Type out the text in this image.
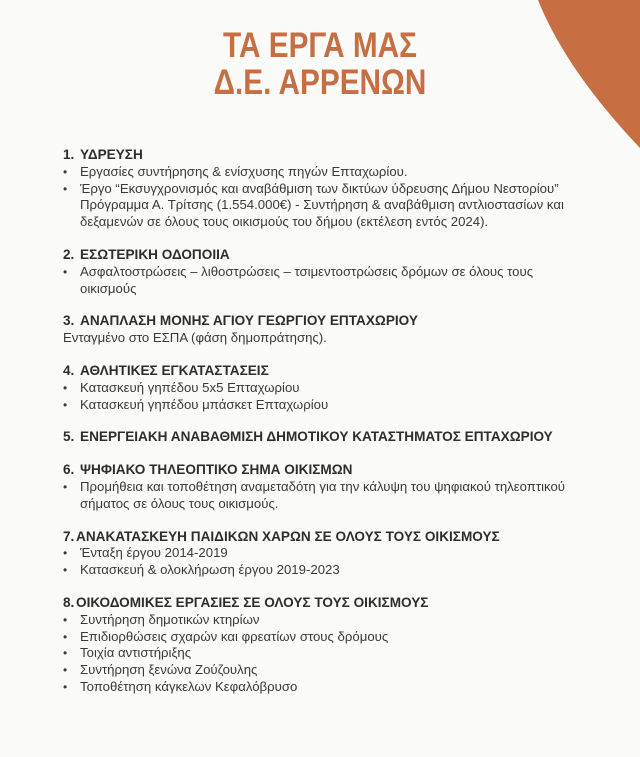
ΤΑ ΕΡΓΑ ΜΑΣ
Δ.Ε. ΑΡΡΕΝΩΝ
1. ΥΔΡΕΥΣΗ
• Εργασίες συντήρησης & ενίσχυσης πηγών Επταχωρίου.
• Έργο “Εκσυγχρονισμός και αναβάθμιση των δικτύων ύδρευσης Δήμου Νεστορίου” Πρόγραμμα Α. Τρίτσης (1.554.000€) - Συντήρηση & αναβάθμιση αντλιοστασίων και δεξαμενών σε όλους τους οικισμούς του δήμου (εκτέλεση εντός 2024).
2. ΕΣΩΤΕΡΙΚΗ ΟΔΟΠΟΙΙΑ
• Ασφαλτοστρώσεις – λιθοστρώσεις – τσιμεντοστρώσεις δρόμων σε όλους τους οικισμούς
3. ΑΝΑΠΛΑΣΗ ΜΟΝΗΣ ΑΓΙΟΥ ΓΕΩΡΓΙΟΥ ΕΠΤΑΧΩΡΙΟΥ

Ενταγμένο στο ΕΣΠΑ (φάση δημοπράτησης).

4. ΑΘΛΗΤΙΚΕΣ ΕΓΚΑΤΑΣΤΑΣΕΙΣ
• Κατασκευή γηπέδου 5x5 Επταχωρίου
• Κατασκευή γηπέδου μπάσκετ Επταχωρίου
5. ΕΝΕΡΓΕΙΑΚΗ ΑΝΑΒΑΘΜΙΣΗ ΔΗΜΟΤΙΚΟΥ ΚΑΤΑΣΤΗΜΑΤΟΣ ΕΠΤΑΧΩΡΙΟΥ
6. ΨΗΦΙΑΚΟ ΤΗΛΕΟΠΤΙΚΟ ΣΗΜΑ ΟΙΚΙΣΜΩΝ
• Προμήθεια και τοποθέτηση αναμεταδότη για την κάλυψη του ψηφιακού τηλεοπτικού σήματος σε όλους τους οικισμούς.
7. ΑΝΑΚΑΤΑΣΚΕΥΗ ΠΑΙΔΙΚΩΝ ΧΑΡΩΝ ΣΕ ΟΛΟΥΣ ΤΟΥΣ ΟΙΚΙΣΜΟΥΣ
• Ένταξη έργου 2014-2019
• Κατασκευή & ολοκλήρωση έργου 2019-2023
8. ΟΙΚΟΔΟΜΙΚΕΣ ΕΡΓΑΣΙΕΣ ΣΕ ΟΛΟΥΣ ΤΟΥΣ ΟΙΚΙΣΜΟΥΣ
• Συντήρηση δημοτικών κτηρίων
• Επιδιορθώσεις σχαρών και φρεατίων στους δρόμους
• Τοιχία αντιστήριξης
• Συντήρηση ξενώνα Ζούζουλης
• Τοποθέτηση κάγκελων Κεφαλόβρυσο
